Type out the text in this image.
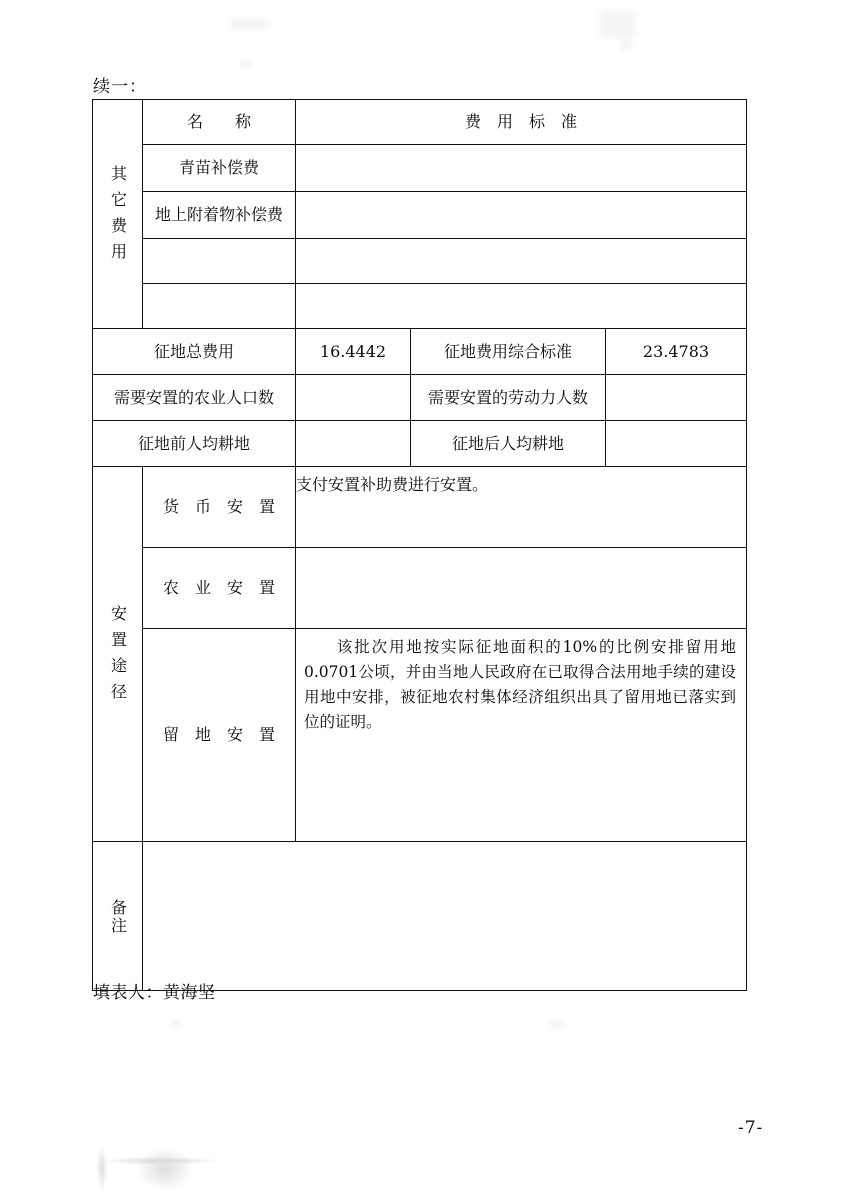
续一：
其它费用	名　　称	费　用　标　准		
	青苗补偿费			
	地上附着物补偿费			

征地总费用		16.4442	征地费用综合标准	23.4783
需要安置的农业人口数			需要安置的劳动力人数	
征地前人均耕地			征地后人均耕地	

安置途径	货　币　安　置	支付安置补助费进行安置。		
	农　业　安　置			
	留　地　安　置	该批次用地按实际征地面积的10%的比例安排留用地0.0701公顷，并由当地人民政府在已取得合法用地手续的建设用地中安排，被征地农村集体经济组织出具了留用地已落实到位的证明。		

备注				

填表人：黄海坚
-7-
